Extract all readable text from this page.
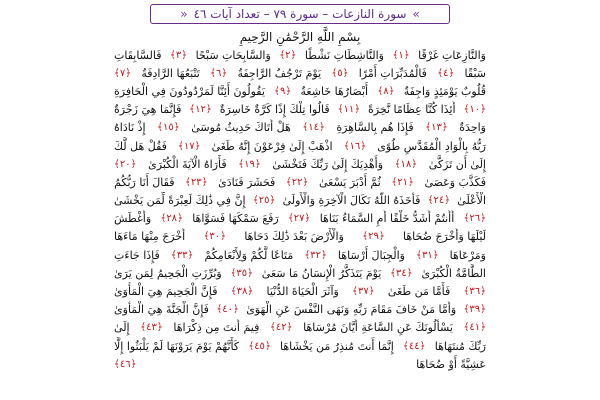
»
سورة النازعات – سورة ٧٩ – تعداد آيات ٤٦
«
بِسْمِ اللَّهِ الرَّحْمَٰنِ الرَّحِيمِ
وَالنَّازِعَاتِ غَرْقًا
﴿١﴾
وَالنَّاشِطَاتِ نَشْطًا
﴿٢﴾
وَالسَّابِحَاتِ سَبْحًا
﴿٣﴾
فَالسَّابِقَاتِ
سَبْقًا
﴿٤﴾
فَالْمُدَبِّرَاتِ أَمْرًا
﴿٥﴾
يَوْمَ تَرْجُفُ الرَّاجِفَةُ
﴿٦﴾
تَتْبَعُهَا الرَّادِفَةُ
﴿٧﴾
قُلُوبٌ يَوْمَئِذٍ وَاجِفَةٌ
﴿٨﴾
أَبْصَارُهَا خَاشِعَةٌ
﴿٩﴾
يَقُولُونَ أَئِنَّا لَمَرْدُودُونَ فِي الْحَافِرَةِ
﴿١٠﴾
أَئِذَا كُنَّا عِظَامًا نَّخِرَةً
﴿١١﴾
قَالُوا تِلْكَ إِذًا كَرَّةٌ خَاسِرَةٌ
﴿١٢﴾
فَإِنَّمَا هِيَ زَجْرَةٌ
وَاحِدَةٌ
﴿١٣﴾
فَإِذَا هُم بِالسَّاهِرَةِ
﴿١٤﴾
هَلْ أَتَاكَ حَدِيثُ مُوسَىٰ
﴿١٥﴾
إِذْ نَادَاهُ
رَبُّهُ بِالْوَادِ الْمُقَدَّسِ طُوًى
﴿١٦﴾
اذْهَبْ إِلَىٰ فِرْعَوْنَ إِنَّهُ طَغَىٰ
﴿١٧﴾
فَقُلْ هَل لَّكَ
إِلَىٰ أَن تَزَكَّىٰ
﴿١٨﴾
وَأَهْدِيَكَ إِلَىٰ رَبِّكَ فَتَخْشَىٰ
﴿١٩﴾
فَأَرَاهُ الْآيَةَ الْكُبْرَىٰ
﴿٢٠﴾
فَكَذَّبَ وَعَصَىٰ
﴿٢١﴾
ثُمَّ أَدْبَرَ يَسْعَىٰ
﴿٢٢﴾
فَحَشَرَ فَنَادَىٰ
﴿٢٣﴾
فَقَالَ أَنَا رَبُّكُمُ
الْأَعْلَىٰ
﴿٢٤﴾
فَأَخَذَهُ اللَّهُ نَكَالَ الْآخِرَةِ وَالْأُولَىٰ
﴿٢٥﴾
إِنَّ فِي ذَٰلِكَ لَعِبْرَةً لِّمَن يَخْشَىٰ
﴿٢٦﴾
أَأَنتُمْ أَشَدُّ خَلْقًا أَمِ السَّمَاءُ بَنَاهَا
﴿٢٧﴾
رَفَعَ سَمْكَهَا فَسَوَّاهَا
﴿٢٨﴾
وَأَغْطَشَ
لَيْلَهَا وَأَخْرَجَ ضُحَاهَا
﴿٢٩﴾
وَالْأَرْضَ بَعْدَ ذَٰلِكَ دَحَاهَا
﴿٣٠﴾
أَخْرَجَ مِنْهَا مَاءَهَا
وَمَرْعَاهَا
﴿٣١﴾
وَالْجِبَالَ أَرْسَاهَا
﴿٣٢﴾
مَتَاعًا لَّكُمْ وَلِأَنْعَامِكُمْ
﴿٣٣﴾
فَإِذَا جَاءَتِ
الطَّامَّةُ الْكُبْرَىٰ
﴿٣٤﴾
يَوْمَ يَتَذَكَّرُ الْإِنسَانُ مَا سَعَىٰ
﴿٣٥﴾
وَبُرِّزَتِ الْجَحِيمُ لِمَن يَرَىٰ
﴿٣٦﴾
فَأَمَّا مَن طَغَىٰ
﴿٣٧﴾
وَآثَرَ الْحَيَاةَ الدُّنْيَا
﴿٣٨﴾
فَإِنَّ الْجَحِيمَ هِيَ الْمَأْوَىٰ
﴿٣٩﴾
وَأَمَّا مَنْ خَافَ مَقَامَ رَبِّهِ وَنَهَى النَّفْسَ عَنِ الْهَوَىٰ
﴿٤٠﴾
فَإِنَّ الْجَنَّةَ هِيَ الْمَأْوَىٰ
﴿٤١﴾
يَسْأَلُونَكَ عَنِ السَّاعَةِ أَيَّانَ مُرْسَاهَا
﴿٤٢﴾
فِيمَ أَنتَ مِن ذِكْرَاهَا
﴿٤٣﴾
إِلَىٰ
رَبِّكَ مُنتَهَاهَا
﴿٤٤﴾
إِنَّمَا أَنتَ مُنذِرُ مَن يَخْشَاهَا
﴿٤٥﴾
كَأَنَّهُمْ يَوْمَ يَرَوْنَهَا لَمْ يَلْبَثُوا إِلَّا
عَشِيَّةً أَوْ ضُحَاهَا
﴿٤٦﴾
